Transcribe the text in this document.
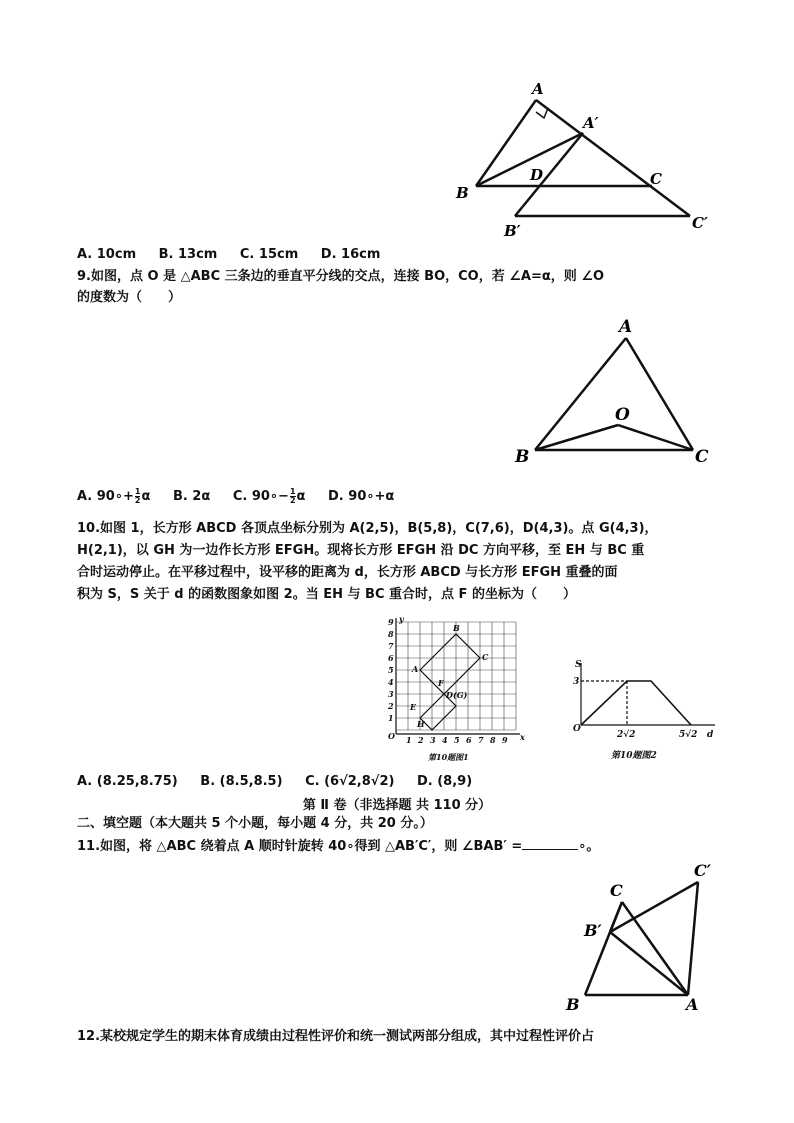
A
A′
B
C
D
B′	C′
A. 10cm B. 13cm C. 15cm D. 16cm
9.如图，点 O 是 △ABC 三条边的垂直平分线的交点，连接 BO，CO，若 ∠A=α，则 ∠O
的度数为（　　）
A
O
B	C
A. 90∘+ $\frac{1}{2}$ α B. 2α C. 90∘− $\frac{1}{2}$ α D. 90∘+α
10.如图 1，长方形 ABCD 各顶点坐标分别为 A(2,5)，B(5,8)，C(7,6)，D(4,3)。点 G(4,3)，
H(2,1)，以 GH 为一边作长方形 EFGH。现将长方形 EFGH 沿 DC 方向平移，至 EH 与 BC 重
合时运动停止。在平移过程中，设平移的距离为 d，长方形 ABCD 与长方形 EFGH 重叠的面
积为 S，S 关于 d 的函数图象如图 2。当 EH 与 BC 重合时，点 F 的坐标为（　　）
1 2 3 4 5 6 7 8 9
1
2
3
4
5
6
7
8
9
O	x
y
A
B
C
D(G)
E
F
H
第10题图1
S
3
O
2√2	5√2 d
第10题图2
A. (8.25,8.75) B. (8.5,8.5) C. (6√2,8√2) D. (8,9)
第 Ⅱ 卷（非选择题 共 110 分）
二、填空题（本大题共 5 个小题，每小题 4 分，共 20 分。）
11.如图，将 △ABC 绕着点 A 顺时针旋转 40∘得到 △AB′C′，则 ∠BAB′ =	∘。
C
C′
B′
B	A
12.某校规定学生的期末体育成绩由过程性评价和统一测试两部分组成，其中过程性评价占
